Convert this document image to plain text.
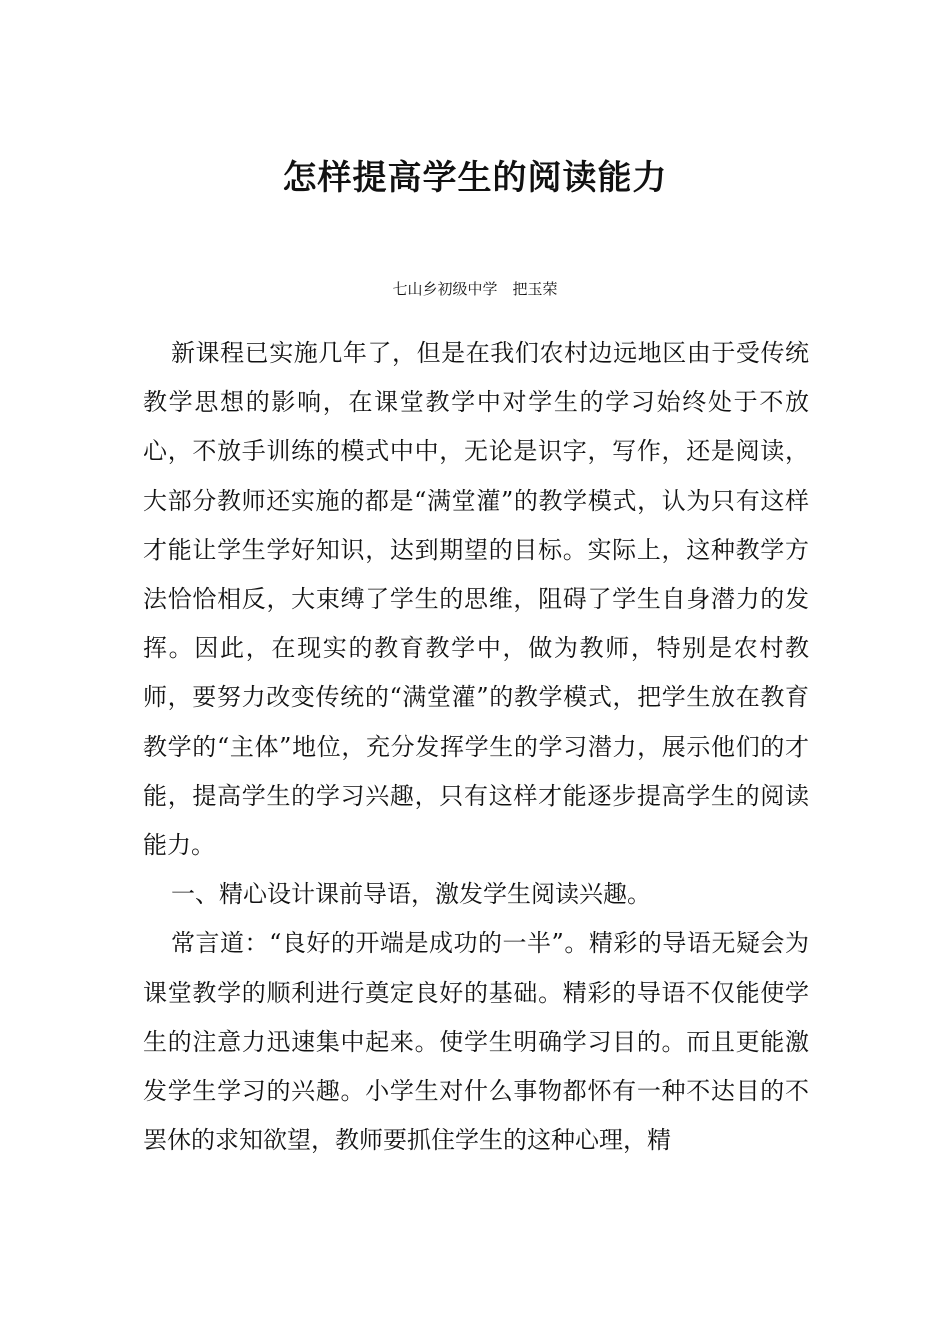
怎样提高学生的阅读能力

七山乡初级中学　把玉荣

新课程已实施几年了，但是在我们农村边远地区由于受传统教学思想的影响，在课堂教学中对学生的学习始终处于不放心，不放手训练的模式中中，无论是识字，写作，还是阅读，大部分教师还实施的都是“满堂灌”的教学模式，认为只有这样才能让学生学好知识，达到期望的目标。实际上，这种教学方法恰恰相反，大束缚了学生的思维，阻碍了学生自身潜力的发挥。因此，在现实的教育教学中，做为教师，特别是农村教师，要努力改变传统的“满堂灌”的教学模式，把学生放在教育教学的“主体”地位，充分发挥学生的学习潜力，展示他们的才能，提高学生的学习兴趣，只有这样才能逐步提高学生的阅读能力。

一、精心设计课前导语，激发学生阅读兴趣。

常言道：“良好的开端是成功的一半”。精彩的导语无疑会为课堂教学的顺利进行奠定良好的基础。精彩的导语不仅能使学生的注意力迅速集中起来。使学生明确学习目的。而且更能激发学生学习的兴趣。小学生对什么事物都怀有一种不达目的不罢休的求知欲望，教师要抓住学生的这种心理，精
